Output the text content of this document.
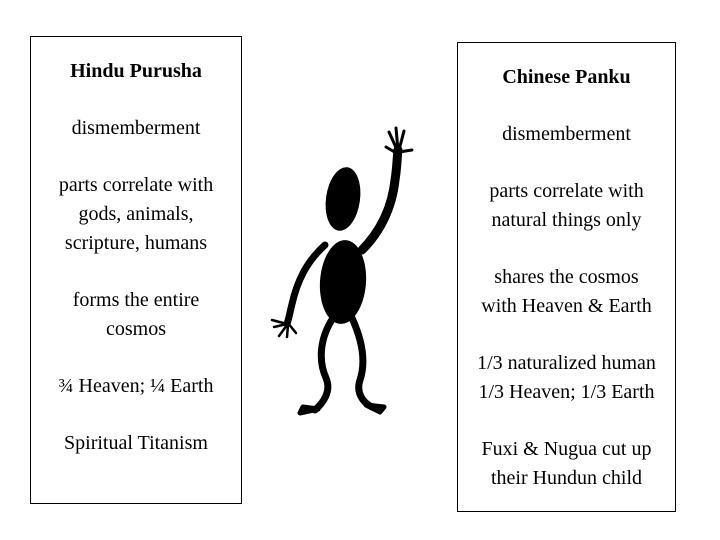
Hindu Purusha
dismemberment
parts correlate with
gods, animals,
scripture, humans
forms the entire
cosmos
¾ Heaven; ¼ Earth
Spiritual Titanism
Chinese Panku
dismemberment
parts correlate with
natural things only
shares the cosmos
with Heaven & Earth
1/3 naturalized human
1/3 Heaven; 1/3 Earth
Fuxi & Nugua cut up
their Hundun child
